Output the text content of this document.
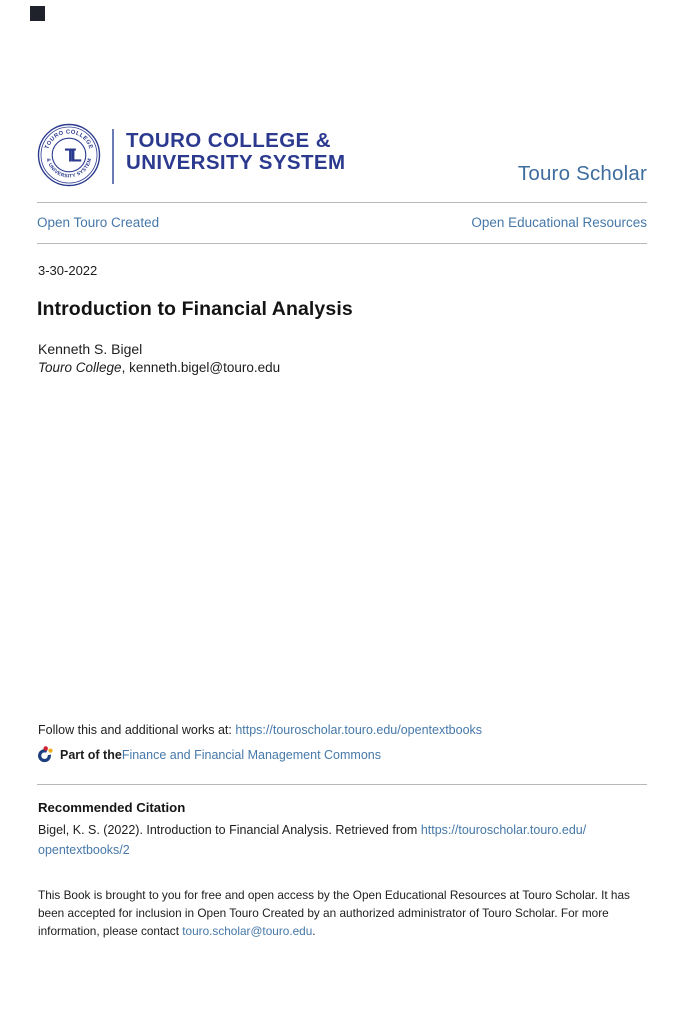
TOURO COLLEGE
& UNIVERSITY SYSTEM
TL
TOURO COLLEGE &
UNIVERSITY SYSTEM	Touro Scholar
Open Touro Created	Open Educational Resources
3-30-2022
Introduction to Financial Analysis
Kenneth S. Bigel
Touro College, kenneth.bigel@touro.edu
Follow this and additional works at: https://touroscholar.touro.edu/opentextbooks
Part of the Finance and Financial Management Commons
Recommended Citation

Bigel, K. S. (2022). Introduction to Financial Analysis. Retrieved from https://touroscholar.touro.edu/
opentextbooks/2

This Book is brought to you for free and open access by the Open Educational Resources at Touro Scholar. It has been accepted for inclusion in Open Touro Created by an authorized administrator of Touro Scholar. For more information, please contact touro.scholar@touro.edu.
